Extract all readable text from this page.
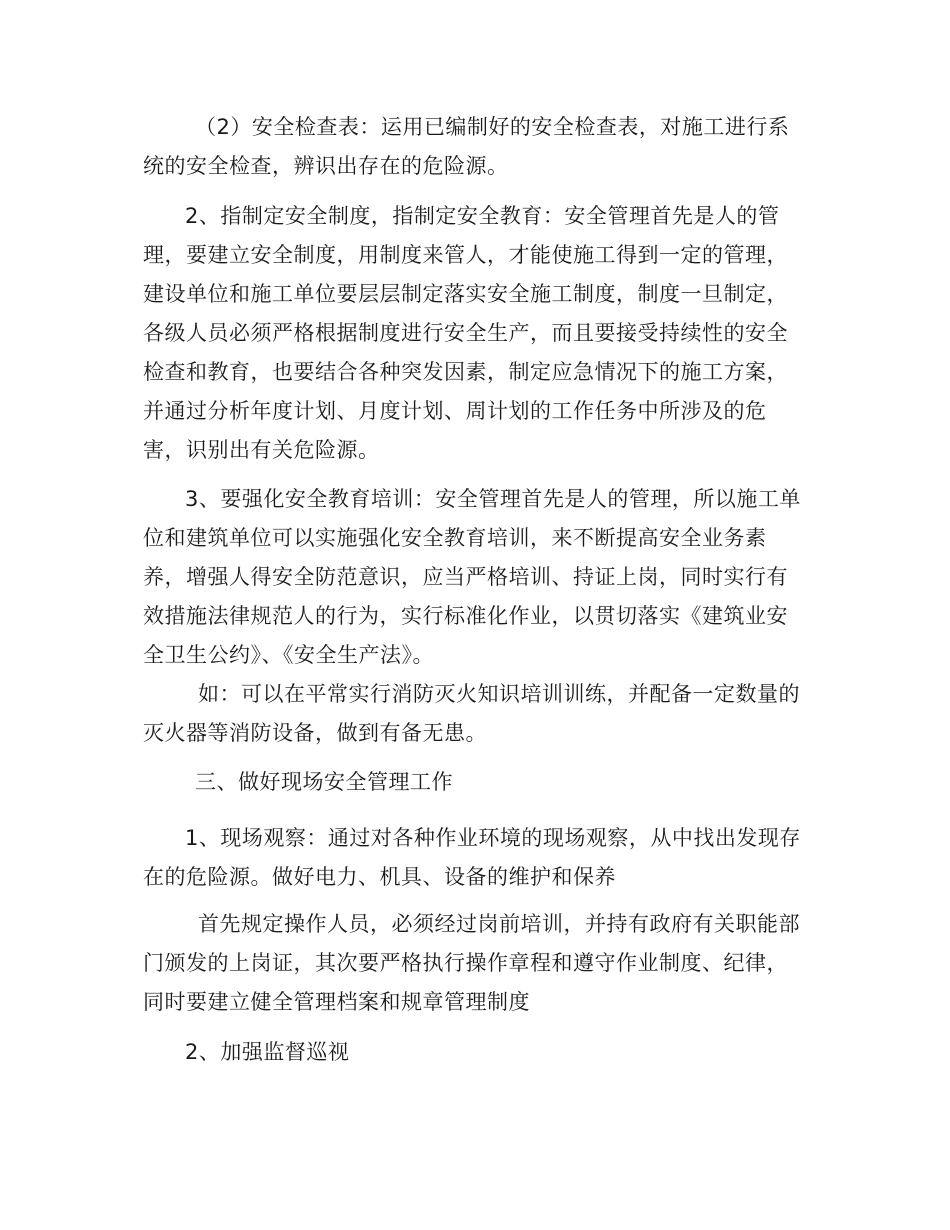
（2）安全检查表：运用已编制好的安全检查表，对施工进行系
统的安全检查，辨识出存在的危险源。

2、指制定安全制度，指制定安全教育：安全管理首先是人的管
理，要建立安全制度，用制度来管人，才能使施工得到一定的管理，
建设单位和施工单位要层层制定落实安全施工制度，制度一旦制定，
各级人员必须严格根据制度进行安全生产，而且要接受持续性的安全
检查和教育，也要结合各种突发因素，制定应急情况下的施工方案，
并通过分析年度计划、月度计划、周计划的工作任务中所涉及的危
害，识别出有关危险源。

3、要强化安全教育培训：安全管理首先是人的管理，所以施工单
位和建筑单位可以实施强化安全教育培训，来不断提高安全业务素
养，增强人得安全防范意识，应当严格培训、持证上岗，同时实行有
效措施法律规范人的行为，实行标准化作业，以贯切落实《建筑业安
全卫生公约》、《安全生产法》。

如：可以在平常实行消防灭火知识培训训练，并配备一定数量的
灭火器等消防设备，做到有备无患。

三、做好现场安全管理工作

1、现场观察：通过对各种作业环境的现场观察，从中找出发现存
在的危险源。做好电力、机具、设备的维护和保养

首先规定操作人员，必须经过岗前培训，并持有政府有关职能部
门颁发的上岗证，其次要严格执行操作章程和遵守作业制度、纪律，
同时要建立健全管理档案和规章管理制度

2、加强监督巡视
